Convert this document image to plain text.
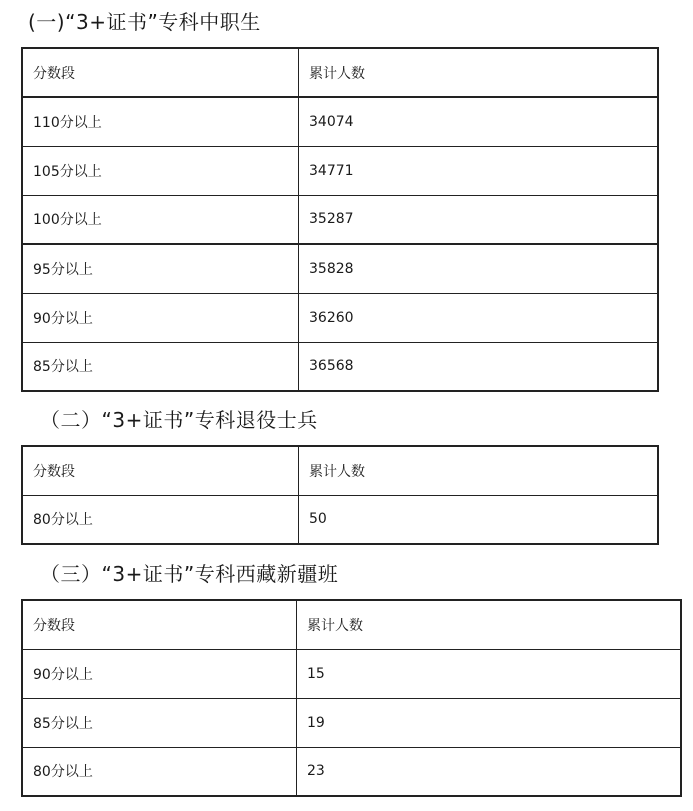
(一)“3+证书”专科中职生
分数段	累计人数
110分以上	34074
105分以上	34771
100分以上	35287
95分以上	35828
90分以上	36260
85分以上	36568
（二）“3+证书”专科退役士兵
分数段	累计人数
80分以上	50
（三）“3+证书”专科西藏新疆班
分数段	累计人数
90分以上	15
85分以上	19
80分以上	23
